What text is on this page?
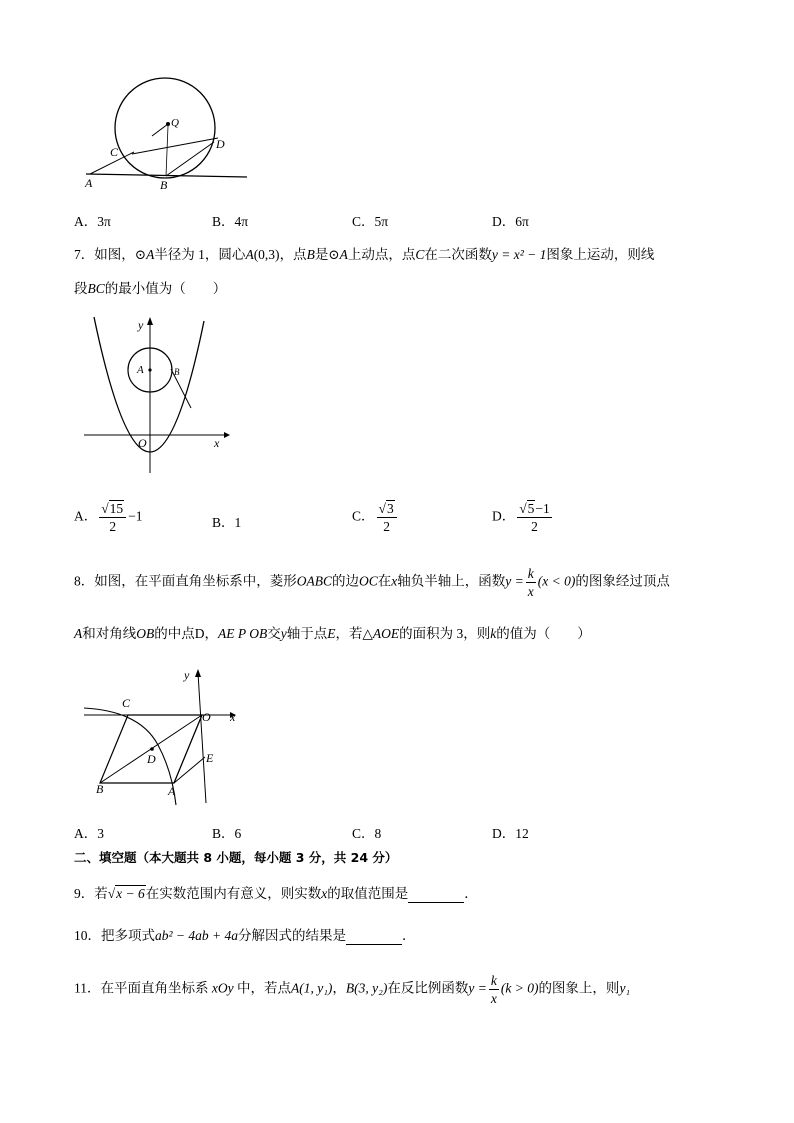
Q
C
D
A	B
A．3π	B．4π	C．5π	D．6π
7．如图，⊙A半径为 1，圆心A(0,3)，点B是⊙A上动点，点C在二次函数y = x² − 1图象上运动，则线
段BC的最小值为（　　）
y
A	B
O	x
A． $\frac{√15}{2} -1$	B．1	C． $\frac{√3}{2}$	D． $\frac{√5-1}{2}$
8．如图，在平面直角坐标系中，菱形OABC的边OC在x轴负半轴上，函数$y = \frac{k}{x} (x < 0)$的图象经过顶点
A和对角线OB的中点D，AE P OB交y轴于点E，若△AOE的面积为 3，则k的值为（　　）
y
C
O x
D	E
B	A
A．3	B．6	C．8	D．12
二、填空题（本大题共 8 小题，每小题 3 分，共 24 分）
9．若√x − 6在实数范围内有意义，则实数x的取值范围是	．
10．把多项式ab² − 4ab + 4a分解因式的结果是	．
11．在平面直角坐标系 xOy 中，若点A(1, y₁)，B(3, y₂)在反比例函数$y = \frac{k}{x} (k > 0)$的图象上，则y₁
